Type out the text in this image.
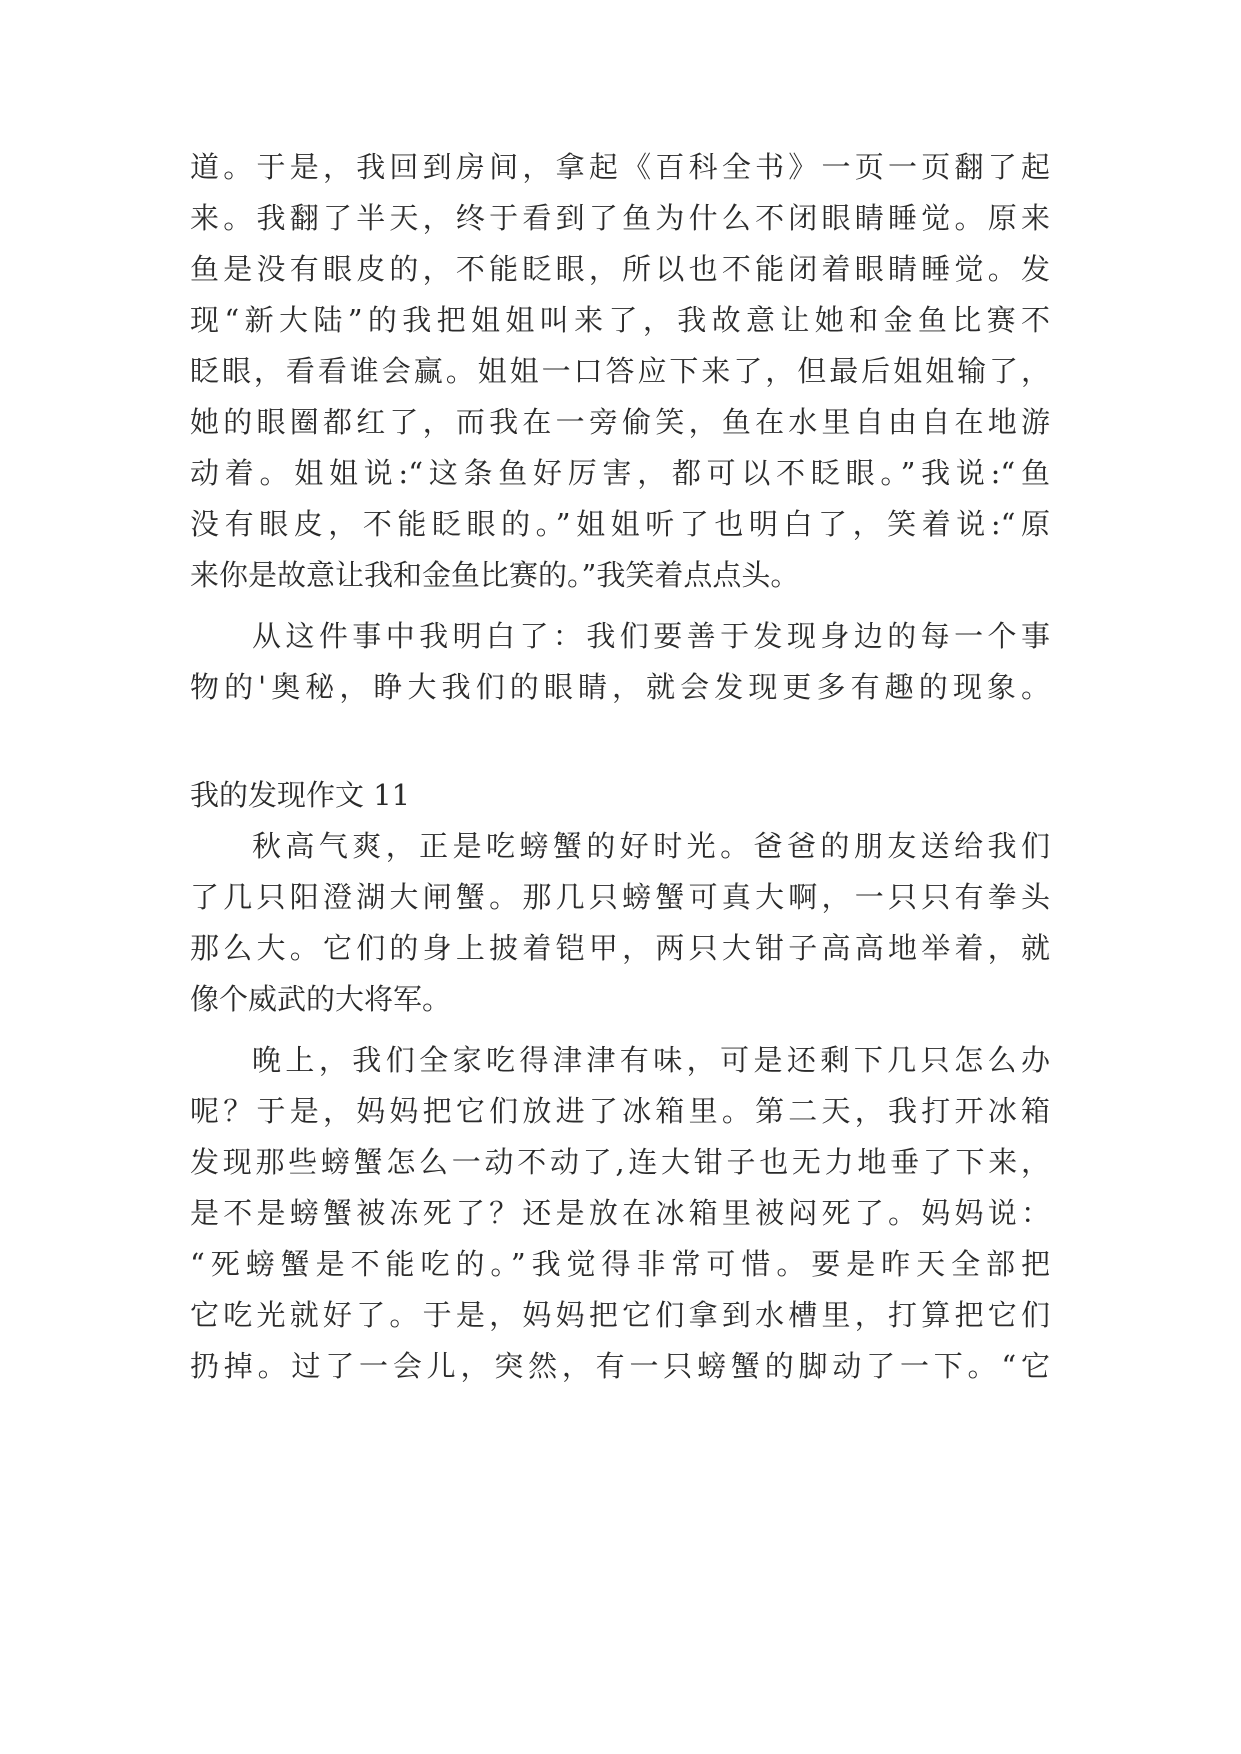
道。于是，我回到房间，拿起《百科全书》一页一页翻了起

来。我翻了半天，终于看到了鱼为什么不闭眼睛睡觉。原来

鱼是没有眼皮的，不能眨眼，所以也不能闭着眼睛睡觉。发

现“新大陆”的我把姐姐叫来了，我故意让她和金鱼比赛不

眨眼，看看谁会赢。姐姐一口答应下来了，但最后姐姐输了，

她的眼圈都红了，而我在一旁偷笑，鱼在水里自由自在地游

动着。姐姐说:“这条鱼好厉害，都可以不眨眼。”我说:“鱼

没有眼皮，不能眨眼的。”姐姐听了也明白了，笑着说:“原

来你是故意让我和金鱼比赛的。”我笑着点点头。

从这件事中我明白了：我们要善于发现身边的每一个事

物的'奥秘，睁大我们的眼睛，就会发现更多有趣的现象。

我的发现作文 11

秋高气爽，正是吃螃蟹的好时光。爸爸的朋友送给我们

了几只阳澄湖大闸蟹。那几只螃蟹可真大啊，一只只有拳头

那么大。它们的身上披着铠甲，两只大钳子高高地举着，就

像个威武的大将军。

晚上，我们全家吃得津津有味，可是还剩下几只怎么办

呢？于是，妈妈把它们放进了冰箱里。第二天，我打开冰箱

发现那些螃蟹怎么一动不动了,连大钳子也无力地垂了下来，

是不是螃蟹被冻死了？还是放在冰箱里被闷死了。妈妈说：

“死螃蟹是不能吃的。”我觉得非常可惜。要是昨天全部把

它吃光就好了。于是，妈妈把它们拿到水槽里，打算把它们

扔掉。过了一会儿，突然，有一只螃蟹的脚动了一下。“它
